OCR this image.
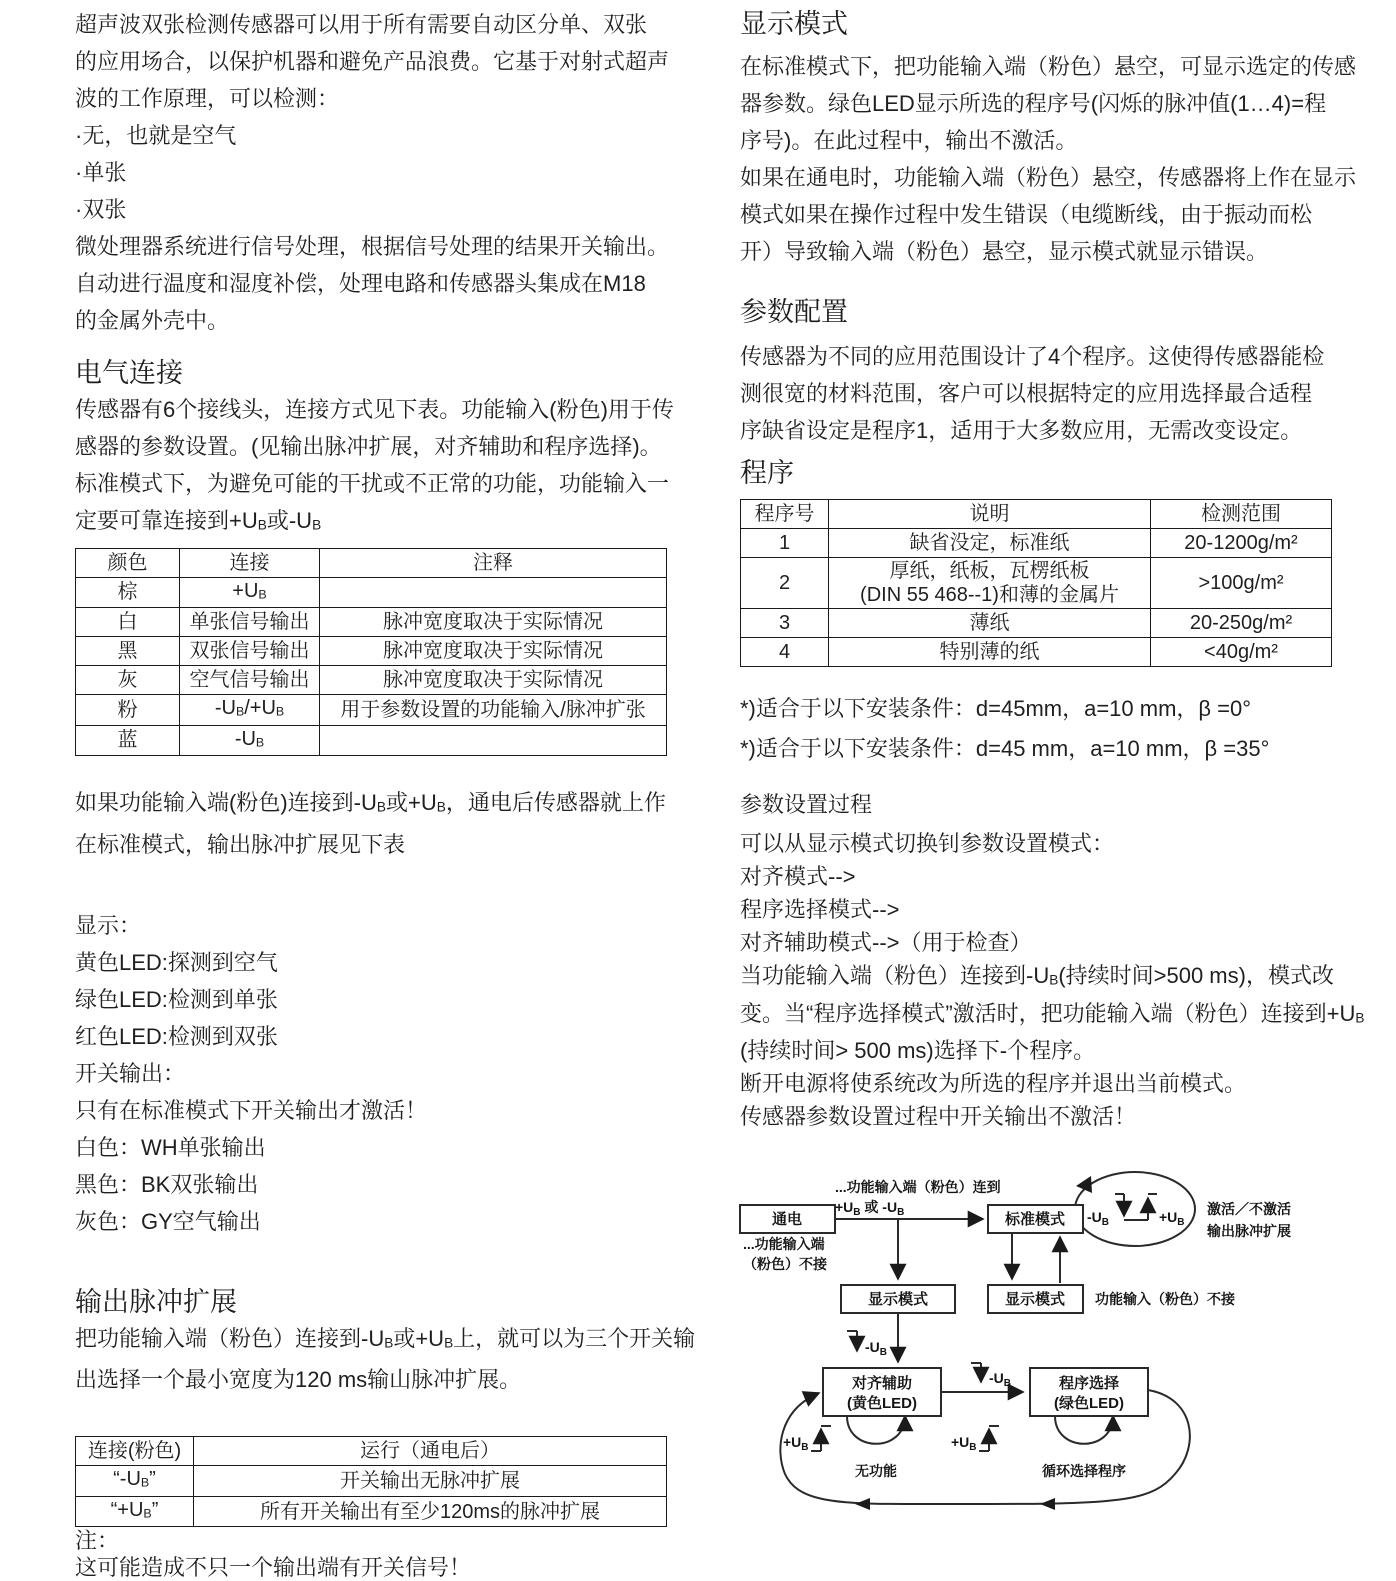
超声波双张检测传感器可以用于所有需要自动区分单、双张
的应用场合，以保护机器和避免产品浪费。它基于对射式超声
波的工作原理，可以检测：
·无，也就是空气
·单张
·双张
微处理器系统进行信号处理，根据信号处理的结果开关输出。
自动进行温度和湿度补偿，处理电路和传感器头集成在M18
的金属外壳中。
电气连接
传感器有6个接线头，连接方式见下表。功能输入(粉色)用于传
感器的参数设置。(见输出脉冲扩展，对齐辅助和程序选择)。
标准模式下，为避免可能的干扰或不正常的功能，功能输入一
定要可靠连接到$+U_B$或$-U_B$
颜色	连接	注释
棕	$+U_B$	
白	单张信号输出	脉冲宽度取决于实际情况
黑	双张信号输出	脉冲宽度取决于实际情况
灰	空气信号输出	脉冲宽度取决于实际情况
粉	$-U_B/+U_B$	用于参数设置的功能输入/脉冲扩张
蓝	$-U_B$	
如果功能输入端(粉色)连接到$-U_B$或$+U_B$，通电后传感器就上作
在标准模式，输出脉冲扩展见下表
显示：
黄色LED:探测到空气
绿色LED:检测到单张
红色LED:检测到双张
开关输出：
只有在标准模式下开关输出才激活！
白色：WH单张输出
黑色：BK双张输出
灰色：GY空气输出
输出脉冲扩展
把功能输入端（粉色）连接到$-U_B$或$+U_B$上，就可以为三个开关输
出选择一个最小宽度为120 ms输山脉冲扩展。
连接(粉色)	运行（通电后）
“$-U_B$”	开关输出无脉冲扩展
“$+U_B$”	所有开关输出有至少120ms的脉冲扩展
注：
这可能造成不只一个输出端有开关信号！
显示模式
在标准模式下，把功能输入端（粉色）悬空，可显示选定的传感
器参数。绿色LED显示所选的程序号(闪烁的脉冲值(1…4)=程
序号)。在此过程中，输出不激活。
如果在通电时，功能输入端（粉色）悬空，传感器将上作在显示
模式如果在操作过程中发生错误（电缆断线，由于振动而松
开）导致输入端（粉色）悬空，显示模式就显示错误。
参数配置
传感器为不同的应用范围设计了4个程序。这使得传感器能检
测很宽的材料范围，客户可以根据特定的应用选择最合适程
序缺省设定是程序1，适用于大多数应用，无需改变设定。
程序
程序号	说明	检测范围
1	缺省没定，标准纸	20-1200g/m²
2	厚纸，纸板，瓦楞纸板
(DIN 55 468--1)和薄的金属片	>100g/m²
3	薄纸	20-250g/m²
4	特别薄的纸	<40g/m²
*)适合于以下安装条件：d=45mm，a=10 mm，β =0°
*)适合于以下安装条件：d=45 mm，a=10 mm，β =35°
参数设置过程
可以从显示模式切换钊参数设置模式：
对齐模式-->
程序选择模式-->
对齐辅助模式-->（用于检查）
当功能输入端（粉色）连接到$-U_B$(持续时间>500 ms)，模式改
变。当“程序选择模式”激活时，把功能输入端（粉色）连接到$+U_B$
(持续时间> 500 ms)选择下-个程序。
断开电源将使系统改为所选的程序并退出当前模式。
传感器参数设置过程中开关输出不激活！
通电	标准模式
显示模式	显示模式
对齐辅助
(黄色LED)
程序选择
(绿色LED)
...功能输入端（粉色）连到
$+U_B$ 或 $-U_B$
...功能输入端
（粉色）不接
功能输入（粉色）不接
激活／不激活
输出脉冲扩展
$-U_B$	$+U_B$
$-U_B$
$-U_B$
$+U_B$	$+U_B$
无功能	循环选择程序
